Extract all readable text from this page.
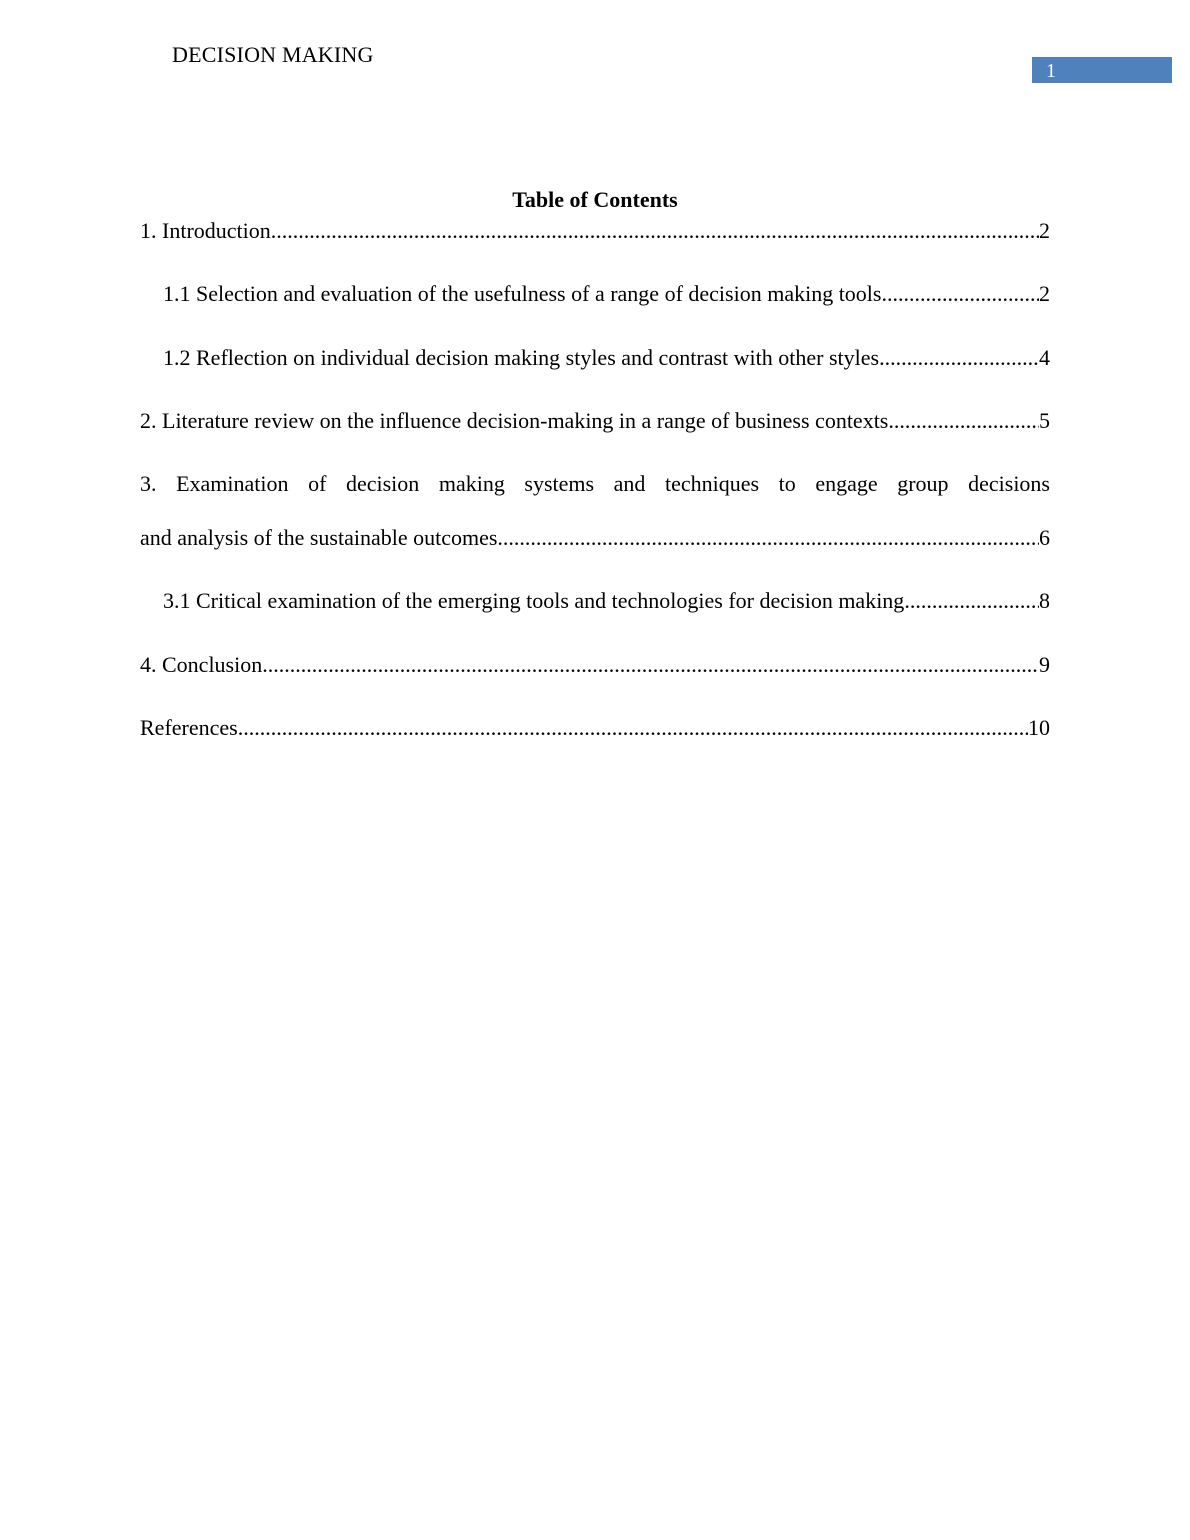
DECISION MAKING
1
Table of Contents
1. Introduction .....	2
1.1 Selection and evaluation of the usefulness of a range of decision making tools .....	2
1.2 Reflection on individual decision making styles and contrast with other styles .....	4
2. Literature review on the influence decision-making in a range of business contexts .....	5
3. Examination of decision making systems and techniques to engage group decisions
and analysis of the sustainable outcomes .....	6
3.1 Critical examination of the emerging tools and technologies for decision making .....	8
4. Conclusion .....	9
References .....	10
